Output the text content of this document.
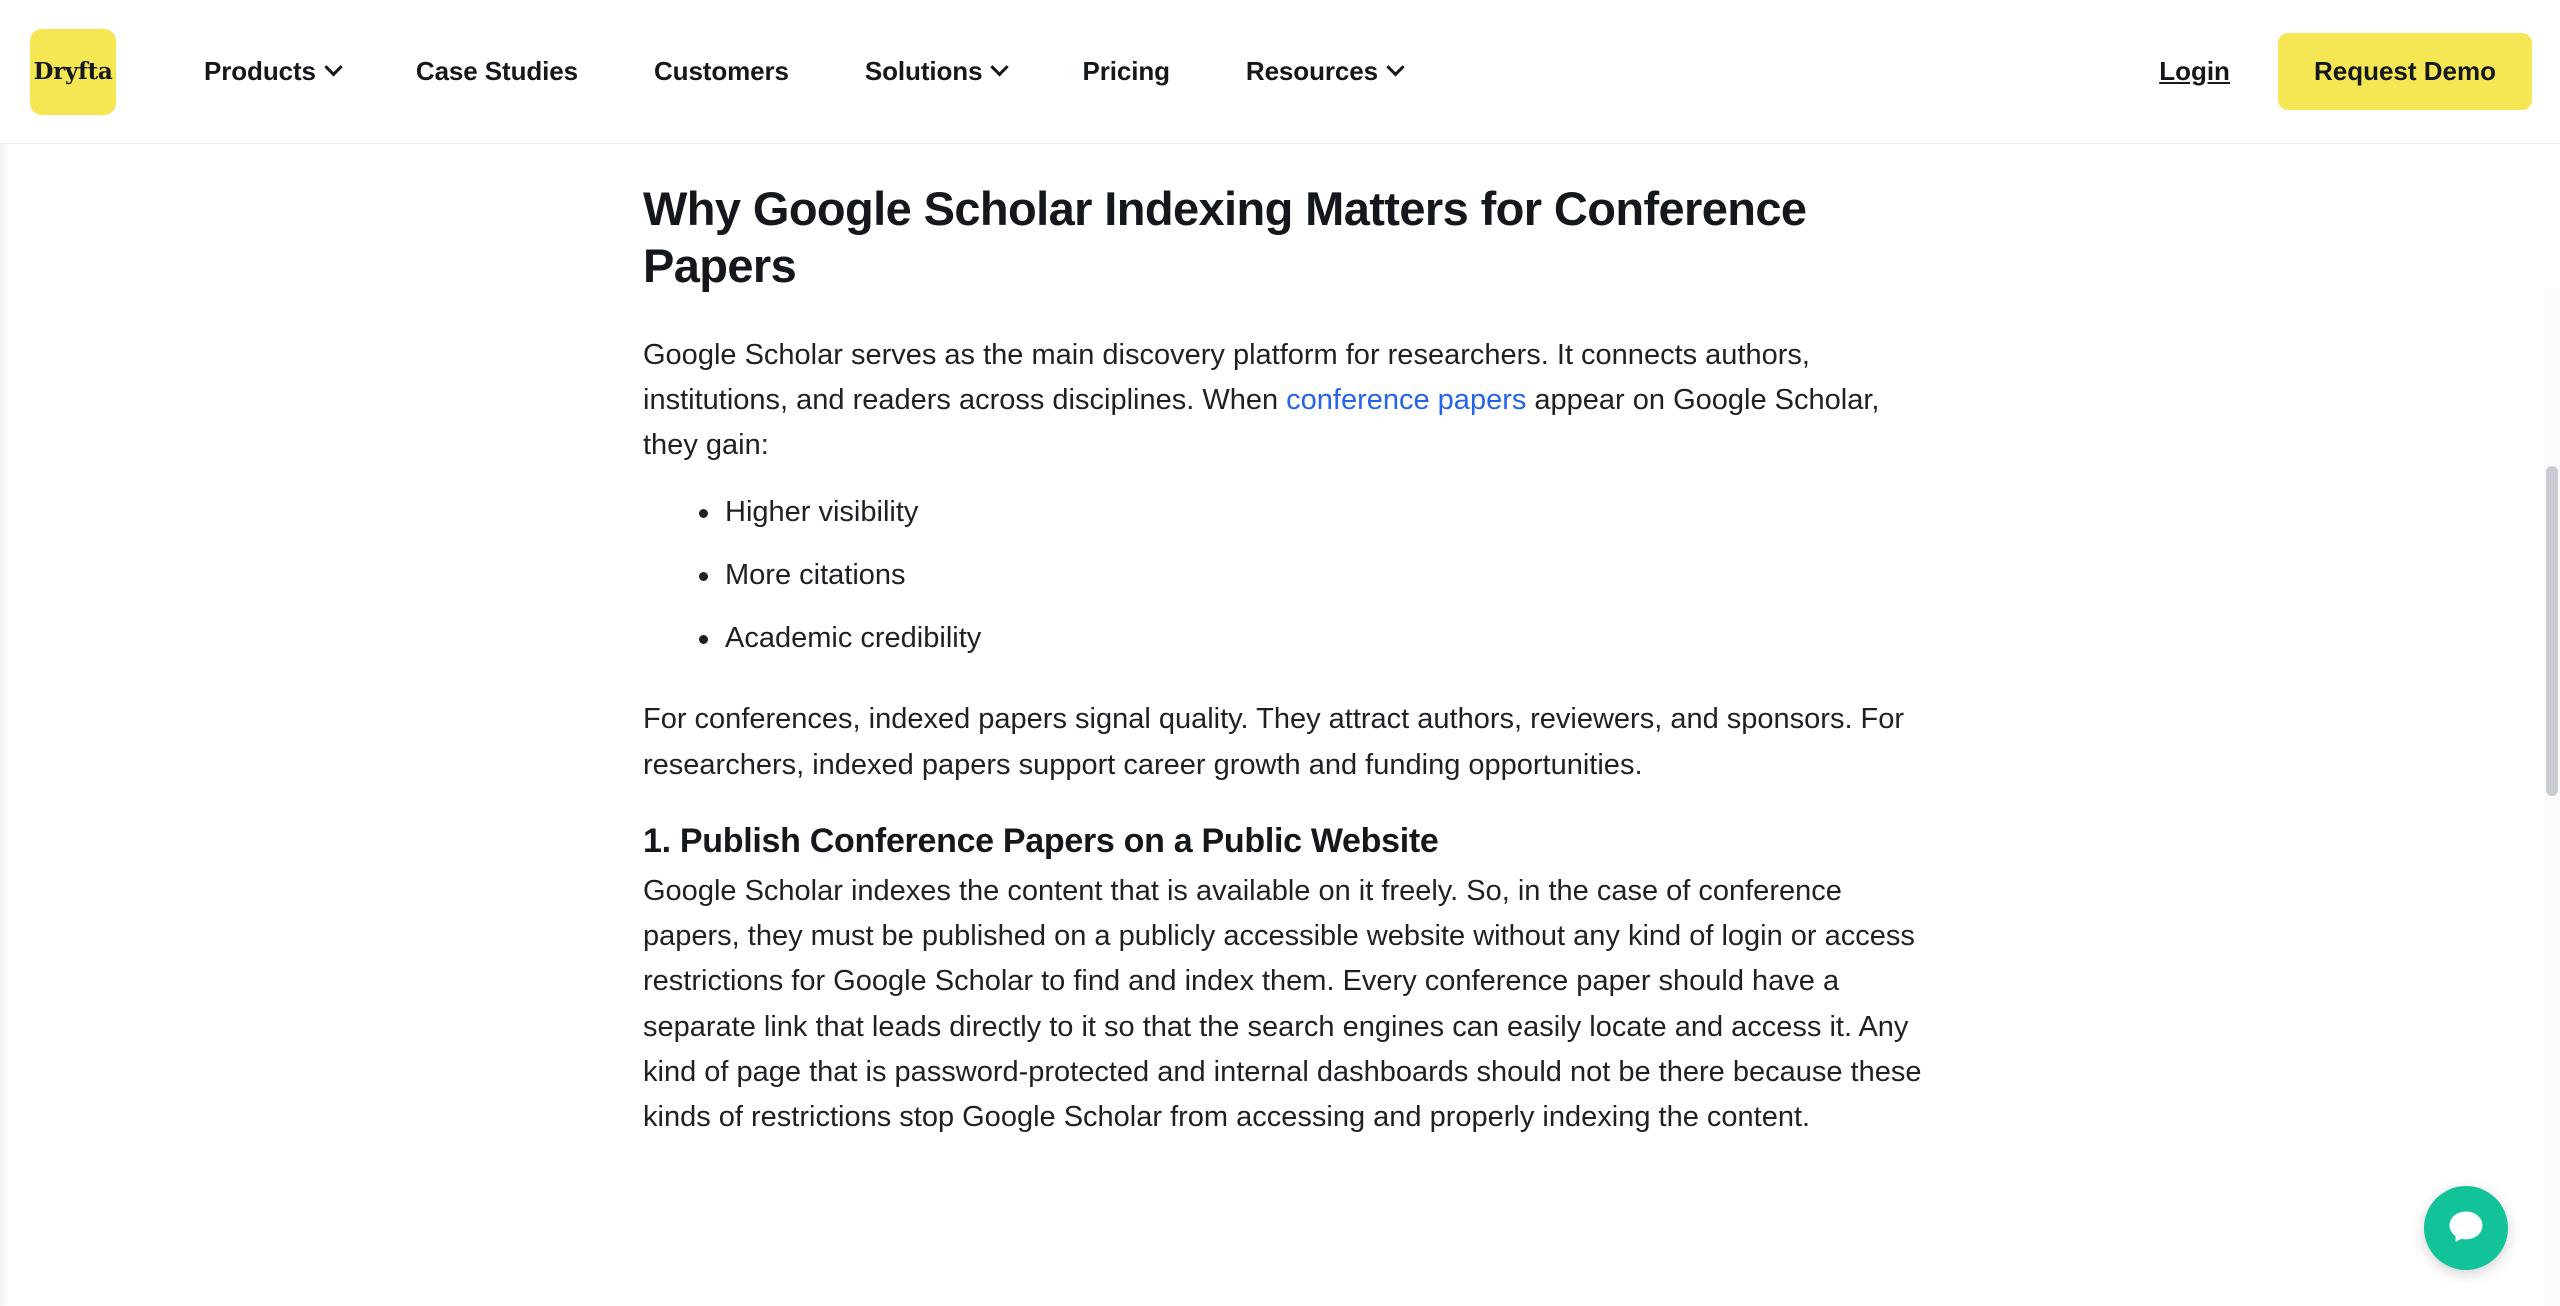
Dryfta	Products	Case Studies	Customers	Solutions	Pricing	Resources	Login	Request Demo
Why Google Scholar Indexing Matters for Conference Papers

Google Scholar serves as the main discovery platform for researchers. It connects authors, institutions, and readers across disciplines. When conference papers appear on Google Scholar, they gain:

Higher visibility
More citations
Academic credibility

For conferences, indexed papers signal quality. They attract authors, reviewers, and sponsors. For researchers, indexed papers support career growth and funding opportunities.

1. Publish Conference Papers on a Public Website

Google Scholar indexes the content that is available on it freely. So, in the case of conference papers, they must be published on a publicly accessible website without any kind of login or access restrictions for Google Scholar to find and index them. Every conference paper should have a separate link that leads directly to it so that the search engines can easily locate and access it. Any kind of page that is password-protected and internal dashboards should not be there because these kinds of restrictions stop Google Scholar from accessing and properly indexing the content.
